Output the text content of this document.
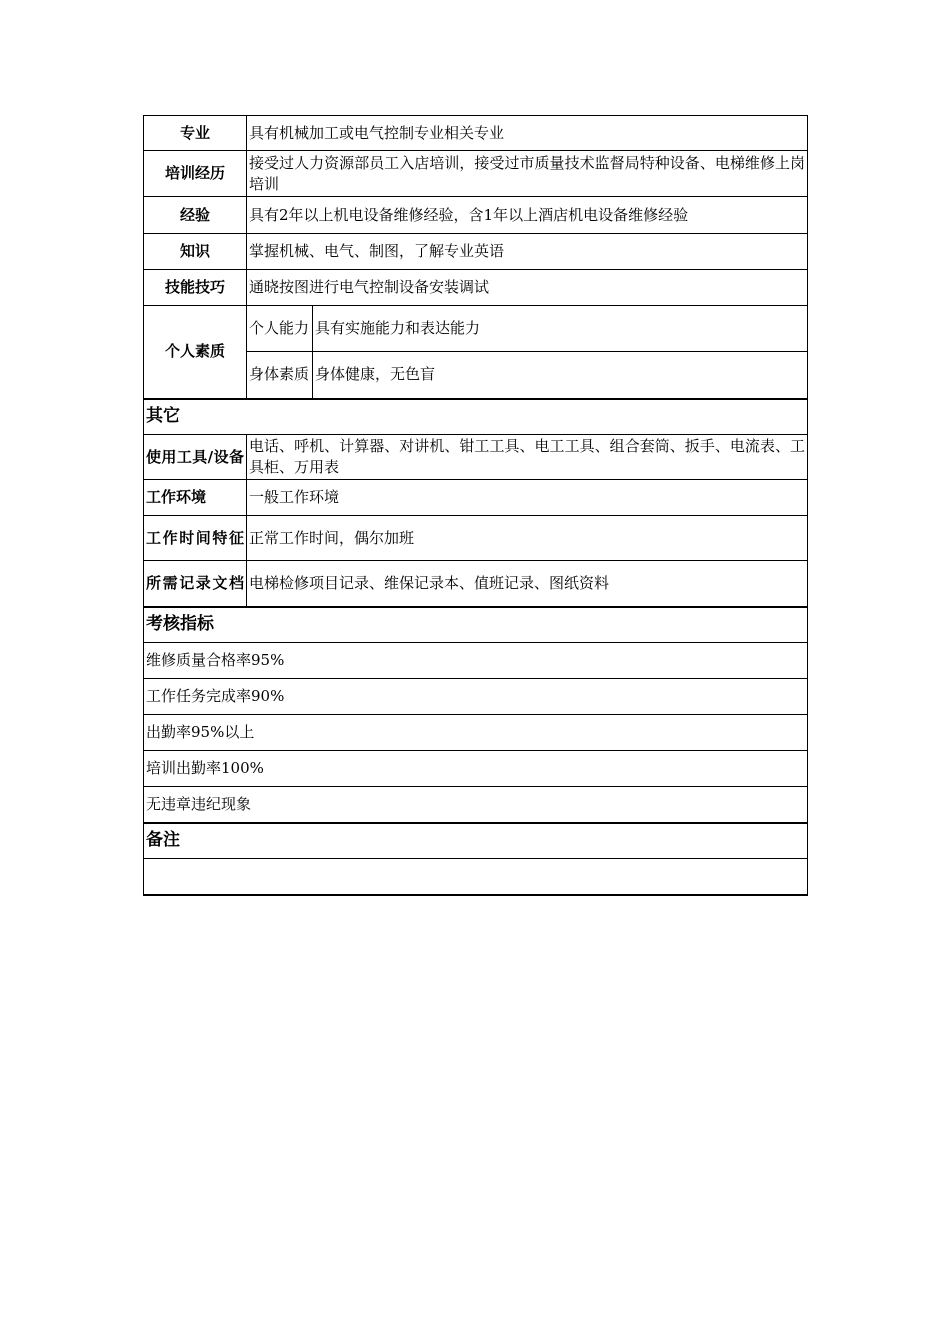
专业	具有机械加工或电气控制专业相关专业	
培训经历	接受过人力资源部员工入店培训，接受过市质量技术监督局特种设备、电梯维修上岗培训	
经验	具有2年以上机电设备维修经验，含1年以上酒店机电设备维修经验	
知识	掌握机械、电气、制图，了解专业英语	
技能技巧	通晓按图进行电气控制设备安装调试	
个人素质	个人能力	具有实施能力和表达能力
	身体素质	身体健康，无色盲
其它		
使用工具/设备	电话、呼机、计算器、对讲机、钳工工具、电工工具、组合套筒、扳手、电流表、工具柜、万用表	
工作环境	一般工作环境	
工作时间特征	正常工作时间，偶尔加班	
所需记录文档	电梯检修项目记录、维保记录本、值班记录、图纸资料	
考核指标		
维修质量合格率95%		
工作任务完成率90%		
出勤率95%以上		
培训出勤率100%		
无违章违纪现象		
备注		
